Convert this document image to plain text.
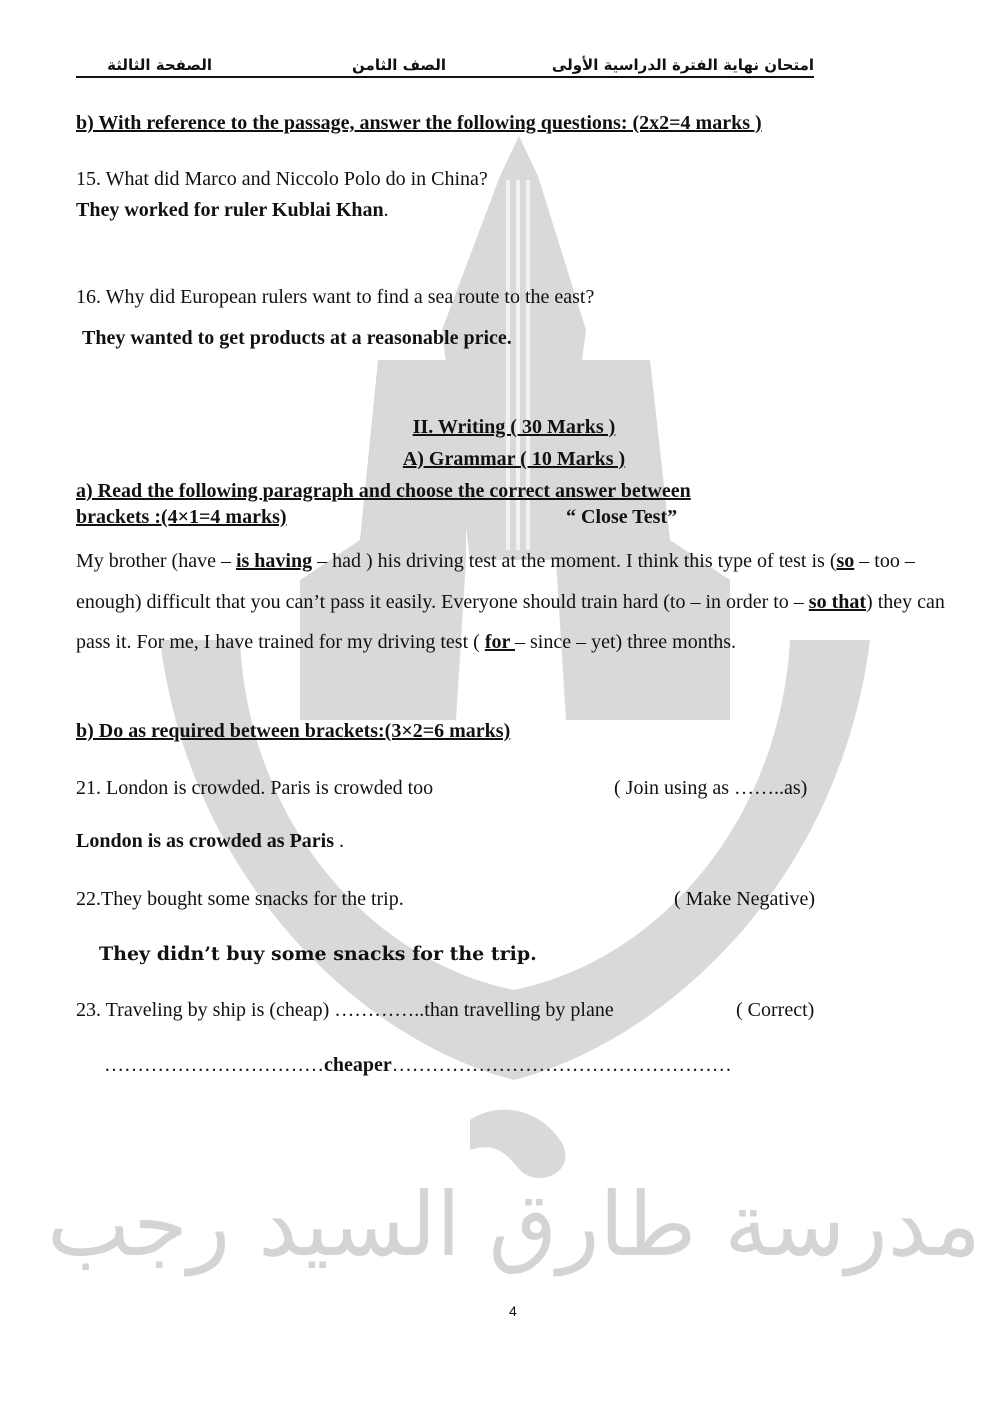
مدرسة طارق السيد رجب
امتحان نهاية الفترة الدراسية الأولى
الصف الثامن
الصفحة الثالثة
b) With reference to the passage, answer the following questions: (2x2=4 marks )
15. What did Marco and Niccolo Polo do in China?
They worked for ruler Kublai Khan.
16. Why did European rulers want to find a sea route to the east?
They wanted to get products at a reasonable price.
II. Writing ( 30 Marks )
A) Grammar ( 10 Marks )
a) Read the following paragraph and choose the correct answer between
brackets :(4×1=4 marks)	“ Close Test”
My brother (have – is having – had ) his driving test at the moment. I think this type of test is (so – too – enough) difficult that you can’t pass it easily. Everyone should train hard (to – in order to – so that) they can pass it. For me, I have trained for my driving test ( for – since – yet) three months.
b) Do as required between brackets:(3×2=6 marks)
21. London is crowded. Paris is crowded too	( Join using as ……..as)
London is as crowded as Paris .
22.They bought some snacks for the trip.	( Make Negative)
They didn’t buy some snacks for the trip.
23. Traveling by ship is (cheap) …………..than travelling by plane	( Correct)
……………………………cheaper……………………………………………
4
